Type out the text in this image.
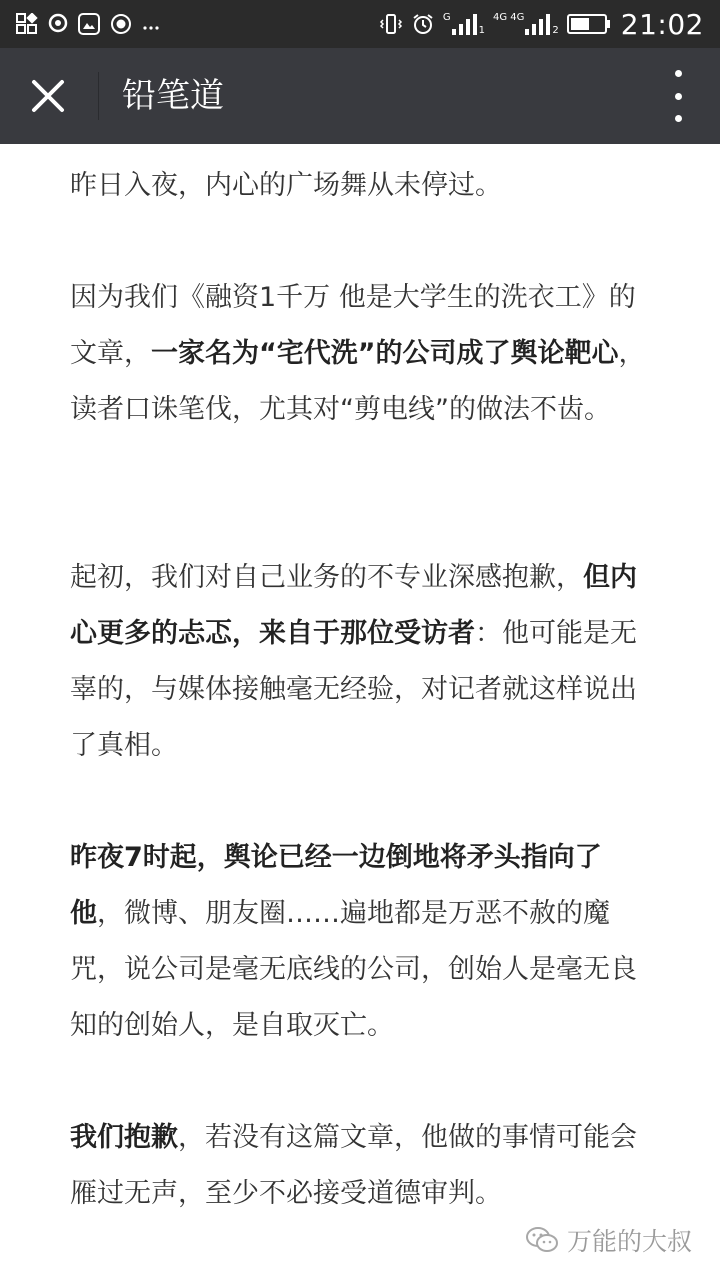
G
1
4G 4G
2 21:02
铅笔道

昨日入夜，内心的广场舞从未停过。

因为我们《融资1千万 他是大学生的洗衣工》的文章，一家名为“宅代洗”的公司成了舆论靶心，读者口诛笔伐，尤其对“剪电线”的做法不齿。

起初，我们对自己业务的不专业深感抱歉，但内心更多的忐忑，来自于那位受访者：他可能是无辜的，与媒体接触毫无经验，对记者就这样说出了真相。

昨夜7时起，舆论已经一边倒地将矛头指向了他，微博、朋友圈……遍地都是万恶不赦的魔咒，说公司是毫无底线的公司，创始人是毫无良知的创始人，是自取灭亡。

我们抱歉，若没有这篇文章，他做的事情可能会雁过无声，至少不必接受道德审判。

万能的大叔
